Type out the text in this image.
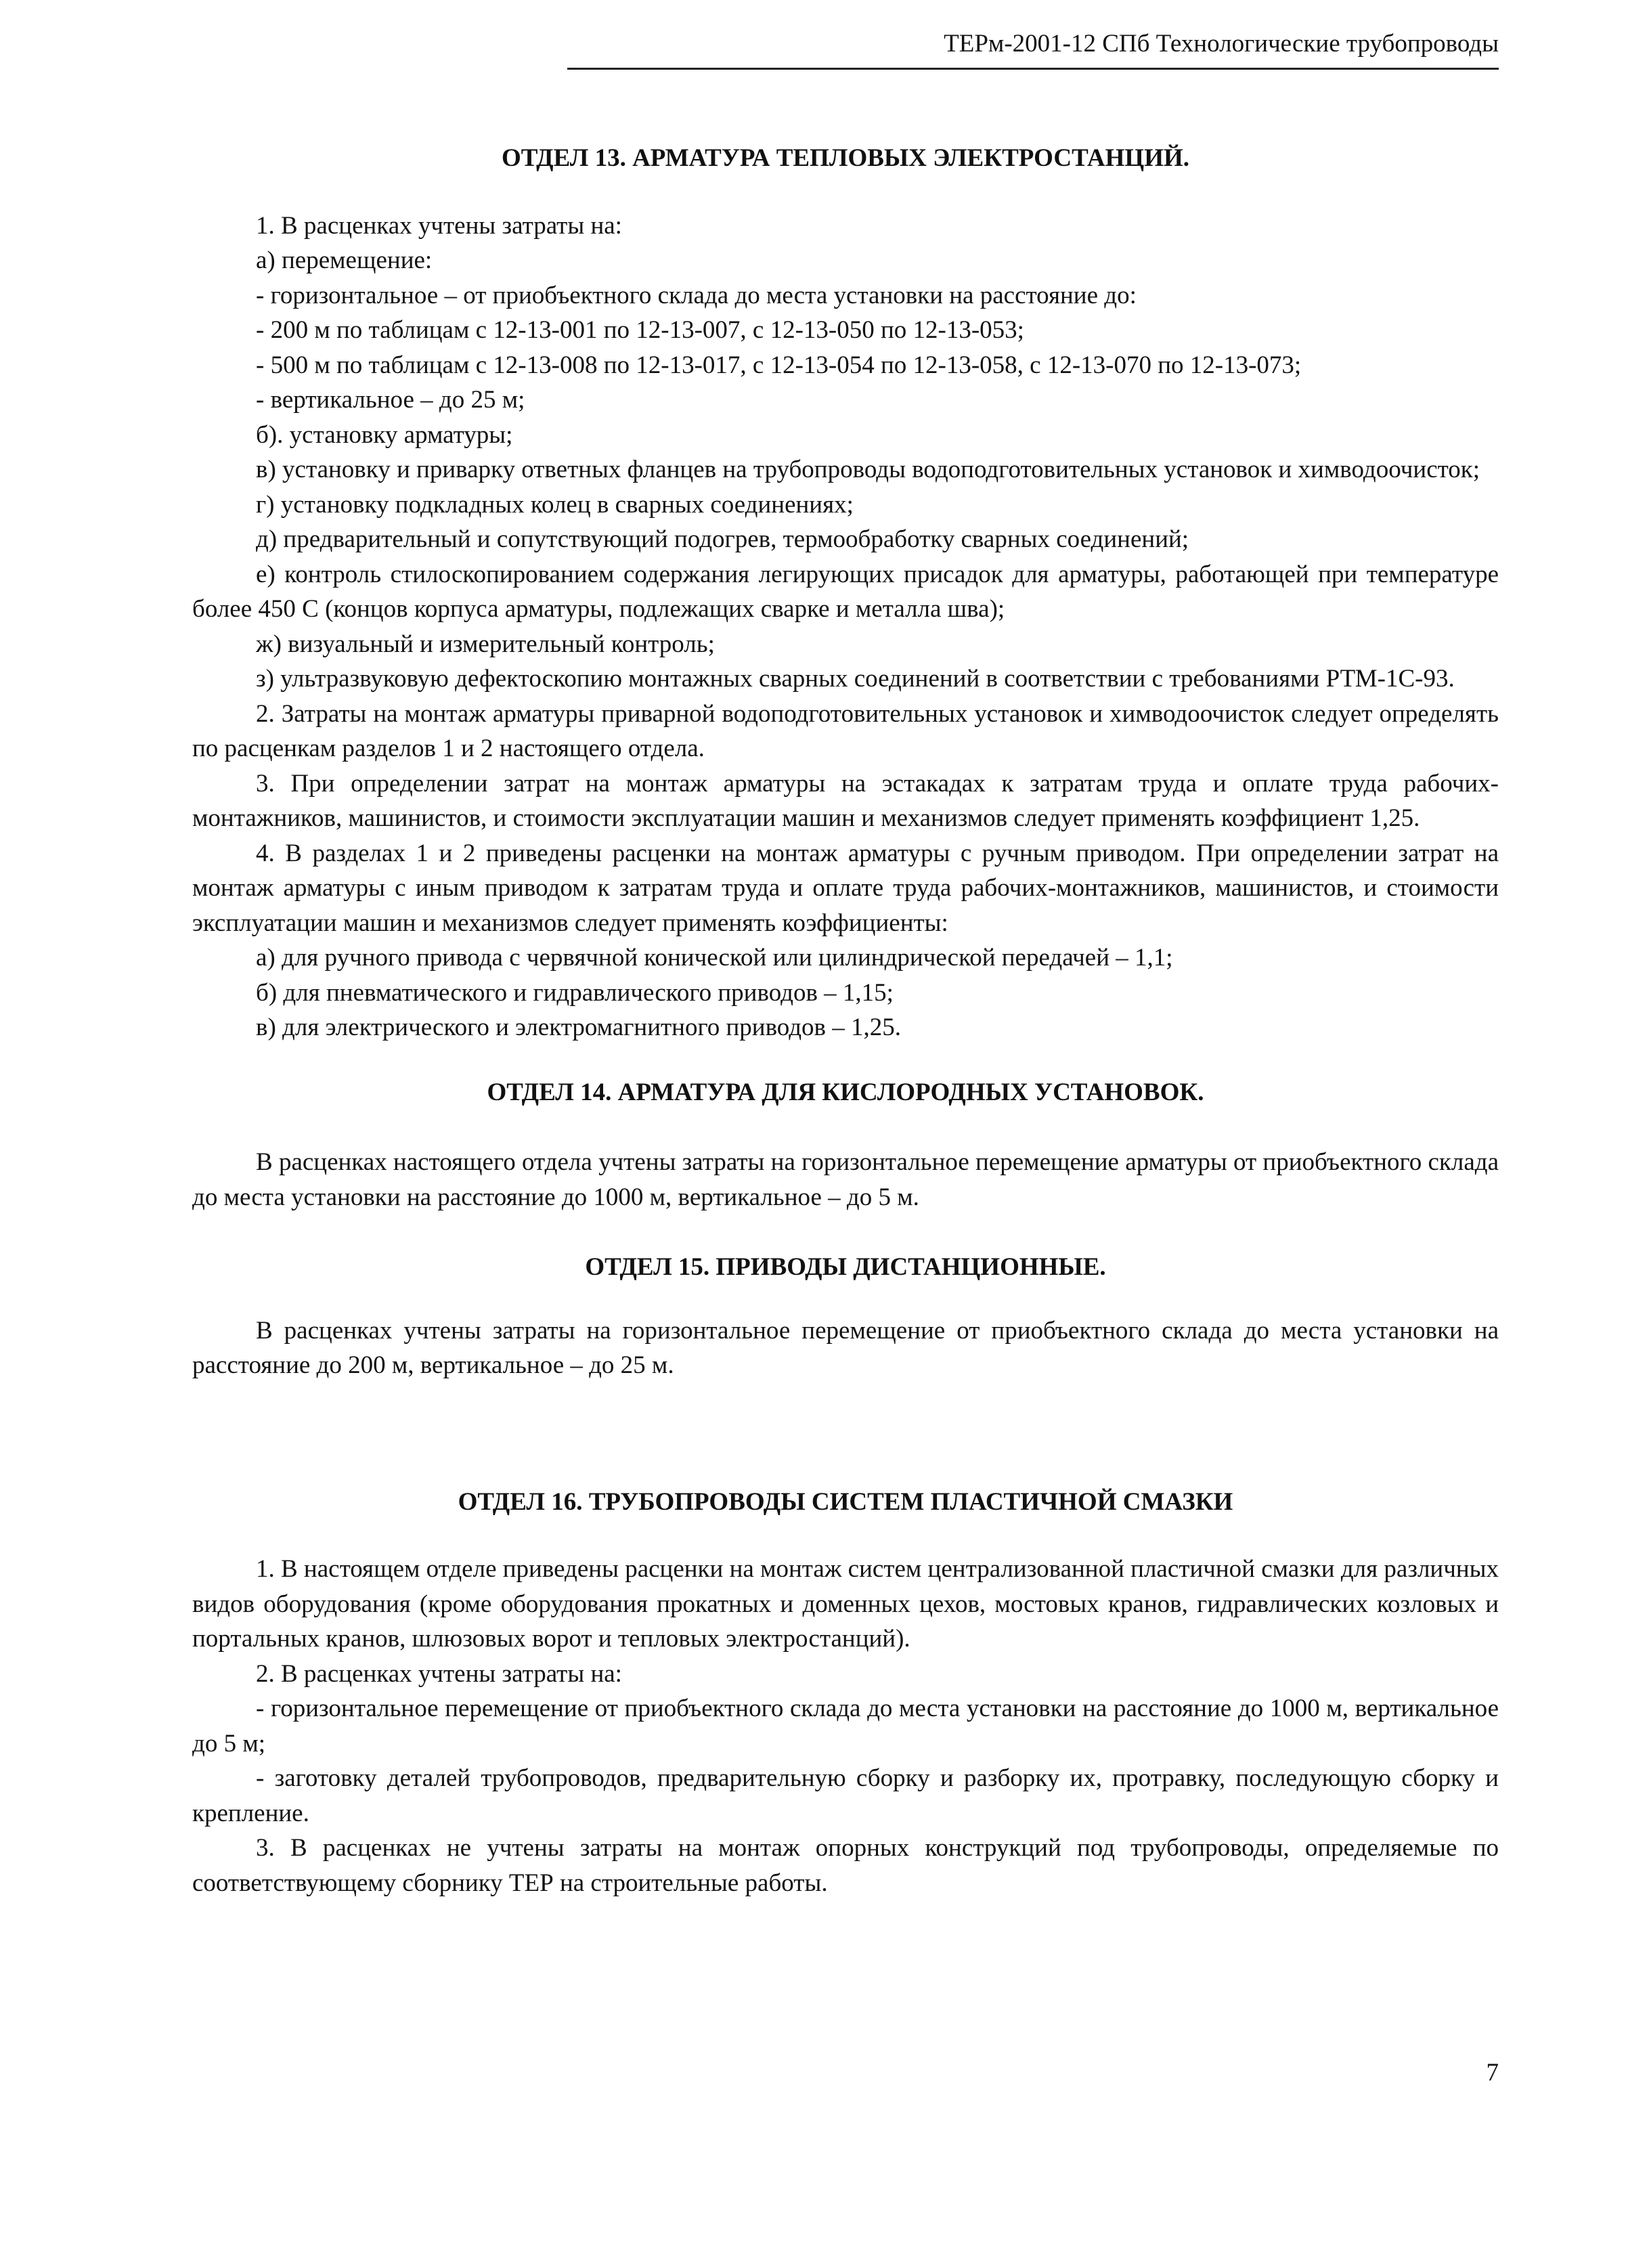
ТЕРм-2001-12 СПб Технологические трубопроводы
ОТДЕЛ 13. АРМАТУРА ТЕПЛОВЫХ ЭЛЕКТРОСТАНЦИЙ.

1. В расценках учтены затраты на:

а) перемещение:

- горизонтальное – от приобъектного склада до места установки на расстояние до:

- 200 м по таблицам с 12-13-001 по 12-13-007, с 12-13-050 по 12-13-053;

- 500 м по таблицам с 12-13-008 по 12-13-017, с 12-13-054 по 12-13-058, с 12-13-070 по 12-13-073;

- вертикальное – до 25 м;

б). установку арматуры;

в) установку и приварку ответных фланцев на трубопроводы водоподготовительных установок и химводоочисток;

г) установку подкладных колец в сварных соединениях;

д) предварительный и сопутствующий подогрев, термообработку сварных соединений;

е) контроль стилоскопированием содержания легирующих присадок для арматуры, работающей при температуре более 450 С (концов корпуса арматуры, подлежащих сварке и металла шва);

ж) визуальный и измерительный контроль;

з) ультразвуковую дефектоскопию монтажных сварных соединений в соответствии с требованиями РТМ-1С-93.

2. Затраты на монтаж арматуры приварной водоподготовительных установок и химводоочисток следует определять по расценкам разделов 1 и 2 настоящего отдела.

3. При определении затрат на монтаж арматуры на эстакадах к затратам труда и оплате труда рабочих-монтажников, машинистов, и стоимости эксплуатации машин и механизмов следует применять коэффициент 1,25.

4. В разделах 1 и 2 приведены расценки на монтаж арматуры с ручным приводом. При определении затрат на монтаж арматуры с иным приводом к затратам труда и оплате труда рабочих-монтажников, машинистов, и стоимости эксплуатации машин и механизмов следует применять коэффициенты:

а) для ручного привода с червячной конической или цилиндрической передачей – 1,1;

б) для пневматического и гидравлического приводов – 1,15;

в) для электрического и электромагнитного приводов – 1,25.

ОТДЕЛ 14. АРМАТУРА ДЛЯ КИСЛОРОДНЫХ УСТАНОВОК.

В расценках настоящего отдела учтены затраты на горизонтальное перемещение арматуры от приобъектного склада до места установки на расстояние до 1000 м, вертикальное – до 5 м.

ОТДЕЛ 15. ПРИВОДЫ ДИСТАНЦИОННЫЕ.

В расценках учтены затраты на горизонтальное перемещение от приобъектного склада до места установки на расстояние до 200 м, вертикальное – до 25 м.

ОТДЕЛ 16. ТРУБОПРОВОДЫ СИСТЕМ ПЛАСТИЧНОЙ СМАЗКИ

1. В настоящем отделе приведены расценки на монтаж систем централизованной пластичной смазки для различных видов оборудования (кроме оборудования прокатных и доменных цехов, мостовых кранов, гидравлических козловых и портальных кранов, шлюзовых ворот и тепловых электростанций).

2. В расценках учтены затраты на:

- горизонтальное перемещение от приобъектного склада до места установки на расстояние до 1000 м, вертикальное до 5 м;

- заготовку деталей трубопроводов, предварительную сборку и разборку их, протравку, последующую сборку и крепление.

3. В расценках не учтены затраты на монтаж опорных конструкций под трубопроводы, определяемые по соответствующему сборнику ТЕР на строительные работы.

7
